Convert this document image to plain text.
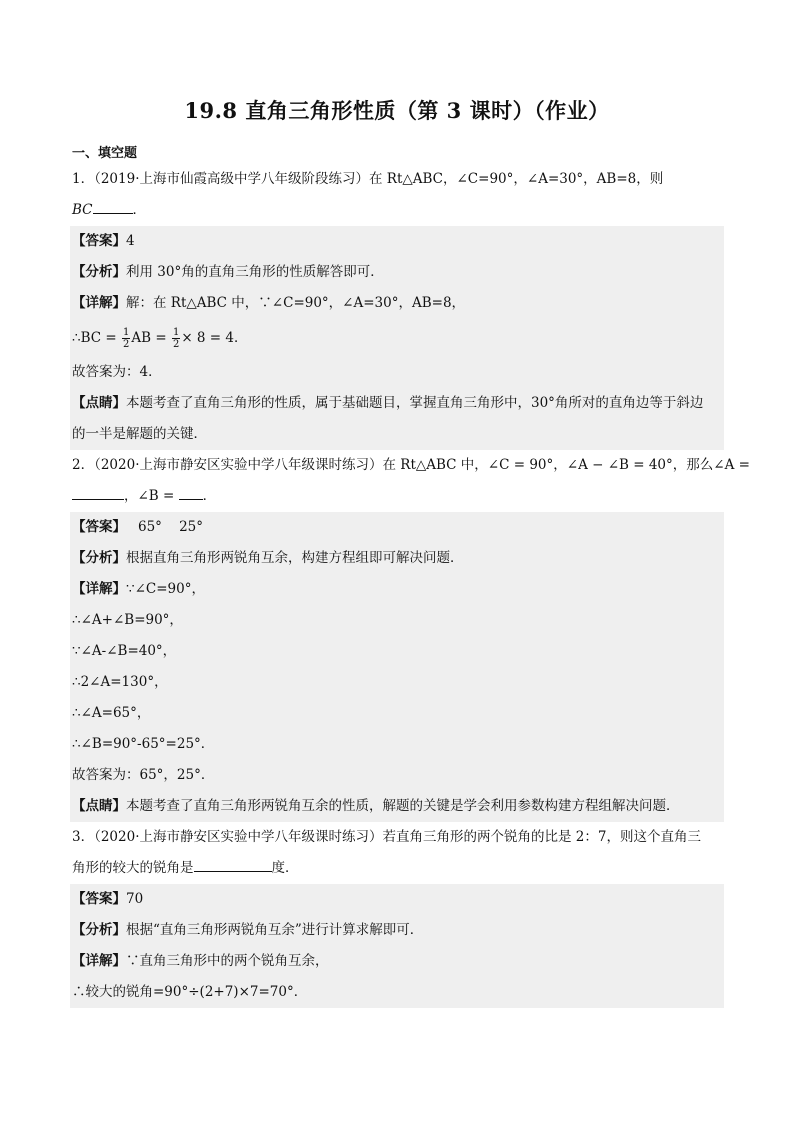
19.8 直角三角形性质（第 3 课时）（作业）
一、填空题
1．（2019·上海市仙霞高级中学八年级阶段练习）在 Rt△ABC，∠C=90°，∠A=30°，AB=8，则
BC	．
【答案】4
【分析】利用 30°角的直角三角形的性质解答即可．
【详解】解：在 Rt△ABC 中，∵∠C=90°，∠A=30°，AB=8，
∴BC = $\frac{1}{2}$ AB = $\frac{1}{2} \times 8 = 4$．
故答案为：4．
【点睛】本题考查了直角三角形的性质，属于基础题目，掌握直角三角形中，30°角所对的直角边等于斜边
的一半是解题的关键．
2．（2020·上海市静安区实验中学八年级课时练习）在 Rt△ABC 中，∠C = 90°，∠A − ∠B = 40°，那么∠A =
，∠B = ．
【答案】 65°    25°
【分析】根据直角三角形两锐角互余，构建方程组即可解决问题．
【详解】∵∠C=90°，
∴∠A+∠B=90°，
∵∠A-∠B=40°，
∴2∠A=130°，
∴∠A=65°，
∴∠B=90°-65°=25°．
故答案为：65°，25°．
【点睛】本题考查了直角三角形两锐角互余的性质，解题的关键是学会利用参数构建方程组解决问题．
3．（2020·上海市静安区实验中学八年级课时练习）若直角三角形的两个锐角的比是 2：7，则这个直角三
角形的较大的锐角是	度．
【答案】70
【分析】根据“直角三角形两锐角互余”进行计算求解即可．
【详解】∵直角三角形中的两个锐角互余，
∴较大的锐角=90°÷(2+7)×7=70°．
